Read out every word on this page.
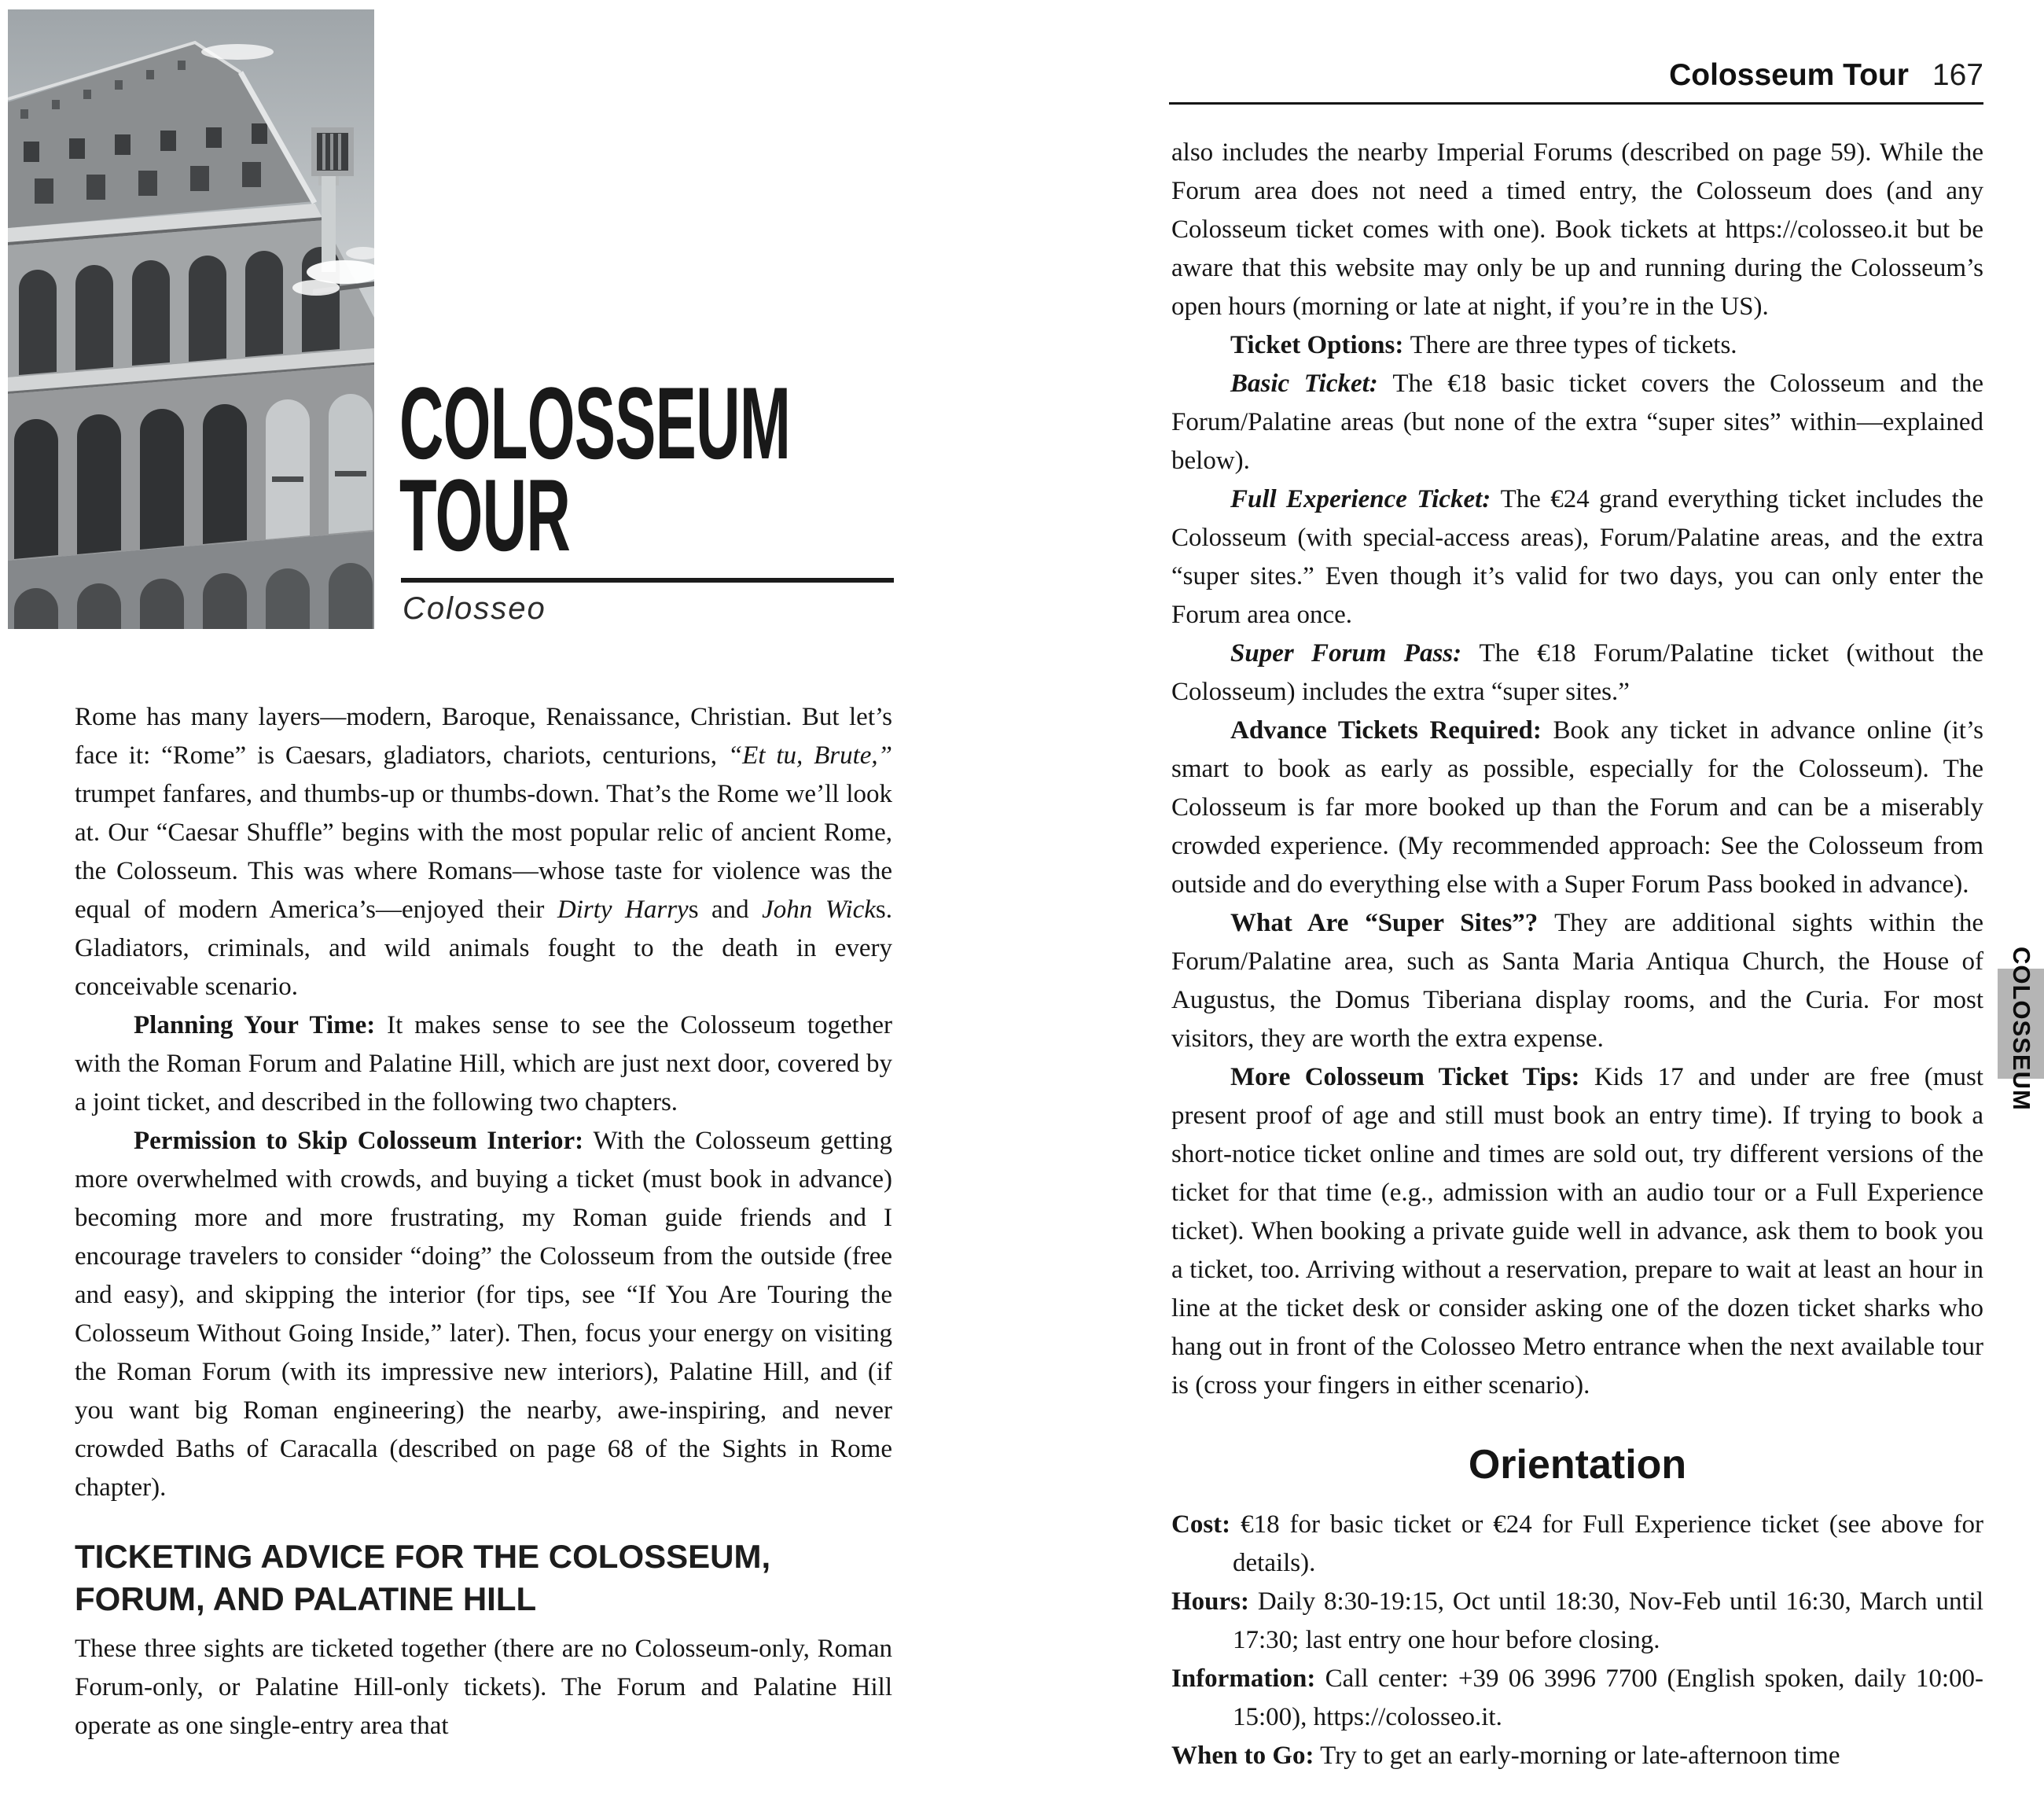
Colosseum Tour 167
COLOSSEUM
TOUR
Colosseo

Rome has many layers—modern, Baroque, Renaissance, Christian. But let’s face it: “Rome” is Caesars, gladiators, chariots, centurions, “Et tu, Brute,” trumpet fanfares, and thumbs-up or thumbs-down. That’s the Rome we’ll look at. Our “Caesar Shuffle” begins with the most popular relic of ancient Rome, the Colosseum. This was where Romans—whose taste for violence was the equal of modern America’s—enjoyed their Dirty Harrys and John Wicks. Gladiators, criminals, and wild animals fought to the death in every conceivable scenario.

Planning Your Time: It makes sense to see the Colosseum together with the Roman Forum and Palatine Hill, which are just next door, covered by a joint ticket, and described in the following two chapters.

Permission to Skip Colosseum Interior: With the Colosseum getting more overwhelmed with crowds, and buying a ticket (must book in advance) becoming more and more frustrating, my Roman guide friends and I encourage travelers to consider “doing” the Colosseum from the outside (free and easy), and skipping the interior (for tips, see “If You Are Touring the Colosseum Without Going Inside,” later). Then, focus your energy on visiting the Roman Forum (with its impressive new interiors), Palatine Hill, and (if you want big Roman engineering) the nearby, awe-inspiring, and never crowded Baths of Caracalla (described on page 68 of the Sights in Rome chapter).

TICKETING ADVICE FOR THE COLOSSEUM,
FORUM, AND PALATINE HILL

These three sights are ticketed together (there are no Colosseum-only, Roman Forum-only, or Palatine Hill-only tickets). The Forum and Palatine Hill operate as one single-entry area that

also includes the nearby Imperial Forums (described on page 59). While the Forum area does not need a timed entry, the Colosseum does (and any Colosseum ticket comes with one). Book tickets at https://colosseo.it but be aware that this website may only be up and running during the Colosseum’s open hours (morning or late at night, if you’re in the US).

Ticket Options: There are three types of tickets.

Basic Ticket: The €18 basic ticket covers the Colosseum and the Forum/Palatine areas (but none of the extra “super sites” within—explained below).

Full Experience Ticket: The €24 grand everything ticket includes the Colosseum (with special-access areas), Forum/Palatine areas, and the extra “super sites.” Even though it’s valid for two days, you can only enter the Forum area once.

Super Forum Pass: The €18 Forum/Palatine ticket (without the Colosseum) includes the extra “super sites.”

Advance Tickets Required: Book any ticket in advance online (it’s smart to book as early as possible, especially for the Colosseum). The Colosseum is far more booked up than the Forum and can be a miserably crowded experience. (My recommended approach: See the Colosseum from outside and do everything else with a Super Forum Pass booked in advance).

What Are “Super Sites”? They are additional sights within the Forum/Palatine area, such as Santa Maria Antiqua Church, the House of Augustus, the Domus Tiberiana display rooms, and the Curia. For most visitors, they are worth the extra expense.

More Colosseum Ticket Tips: Kids 17 and under are free (must present proof of age and still must book an entry time). If trying to book a short-notice ticket online and times are sold out, try different versions of the ticket for that time (e.g., admission with an audio tour or a Full Experience ticket). When booking a private guide well in advance, ask them to book you a ticket, too. Arriving without a reservation, prepare to wait at least an hour in line at the ticket desk or consider asking one of the dozen ticket sharks who hang out in front of the Colosseo Metro entrance when the next available tour is (cross your fingers in either scenario).

Orientation

Cost: €18 for basic ticket or €24 for Full Experience ticket (see above for details).

Hours: Daily 8:30-19:15, Oct until 18:30, Nov-Feb until 16:30, March until 17:30; last entry one hour before closing.

Information: Call center: +39 06 3996 7700 (English spoken, daily 10:00-15:00), https://colosseo.it.

When to Go: Try to get an early-morning or late-afternoon time

COLOSSEUM
